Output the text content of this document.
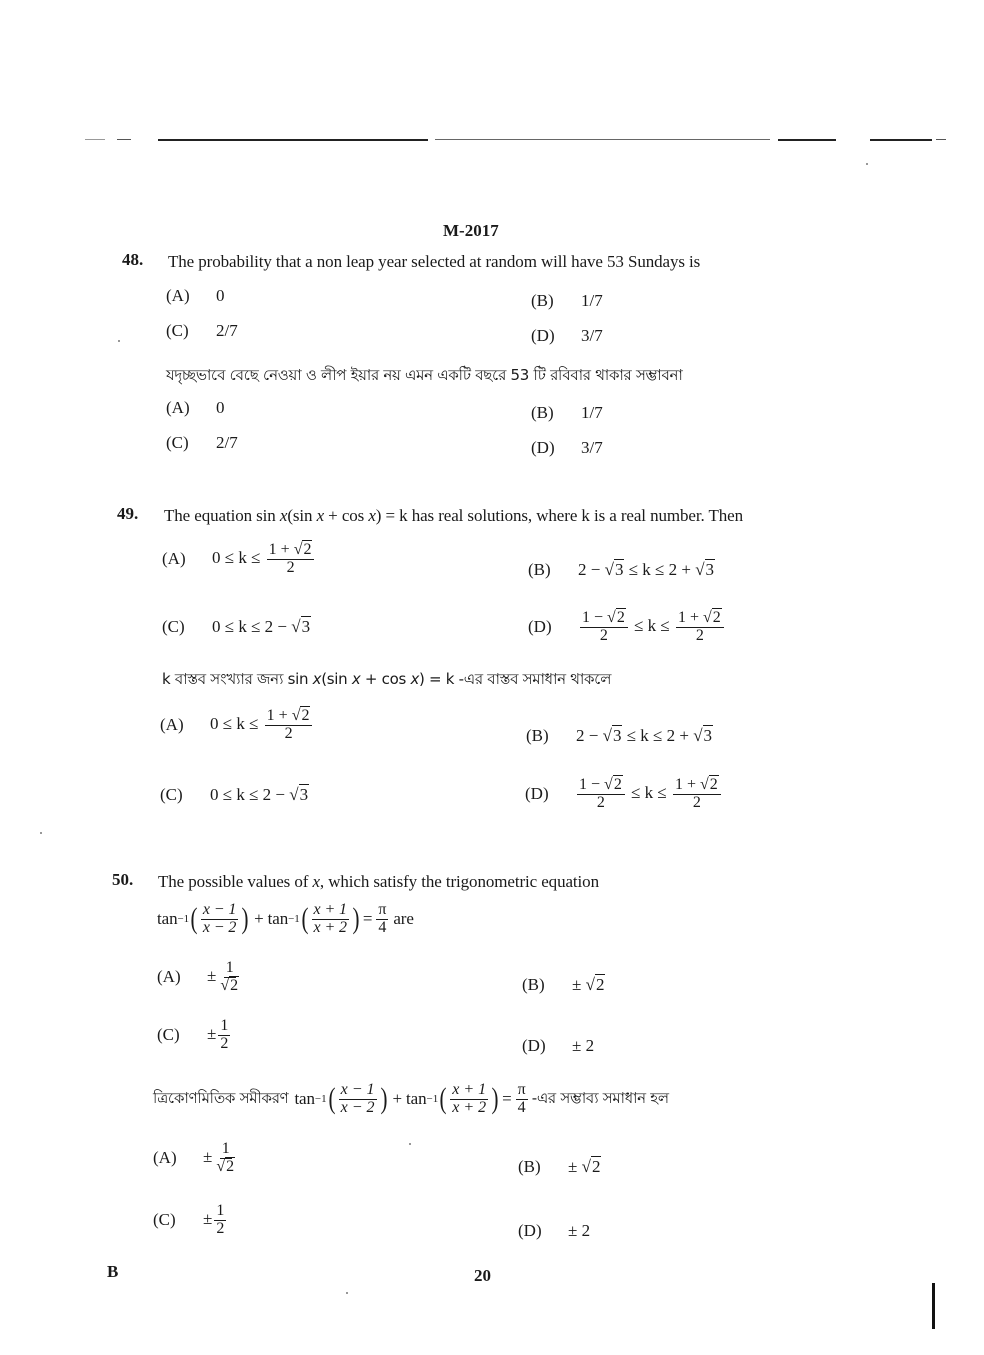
M-2017
48. The probability that a non leap year selected at random will have 53 Sundays is
(A)	0	(B)	1/7
(C)	2/7	(D)	3/7
যদৃচ্ছভাবে বেছে নেওয়া ও লীপ ইয়ার নয় এমন একটি বছরে 53 টি রবিবার থাকার সম্ভাবনা
(A)	0	(B)	1/7
(C)	2/7	(D)	3/7
49. The equation sin x(sin x + cos x) = k has real solutions, where k is a real number. Then
(A)	$0 \le k \le \frac{1 + √2}{2}$	(B)	2 − √3 ≤ k ≤ 2 + √3
(C)	0 ≤ k ≤ 2 − √3	(D)	$\frac{1 - √2}{2} \le k \le \frac{1 + √2}{2}$
k বাস্তব সংখ্যার জন্য sin x(sin x + cos x) = k -এর বাস্তব সমাধান থাকলে
(A)	$0 \le k \le \frac{1 + √2}{2}$	(B)	2 − √3 ≤ k ≤ 2 + √3
(C)	0 ≤ k ≤ 2 − √3	(D)	$\frac{1 - √2}{2} \le k \le \frac{1 + √2}{2}$
50. The possible values of x, which satisfy the trigonometric equation
tan −1 ( $\frac{x - 1}{x - 2}$ ) + tan −1 ( $\frac{x + 1}{x + 2}$ ) = $\frac{\pi}{4}$ are
(A)	± $\frac{1}{√2}$	(B)	± √2
(C)	± $\frac{1}{2}$	(D)	± 2
ত্রিকোণমিতিক সমীকরণ tan −1 ( $\frac{x - 1}{x - 2}$ ) + tan −1 ( $\frac{x + 1}{x + 2}$ ) = $\frac{\pi}{4}$ -এর সম্ভাব্য সমাধান হল
(A)	± $\frac{1}{√2}$	(B)	± √2
(C)	± $\frac{1}{2}$	(D)	± 2
B	20
